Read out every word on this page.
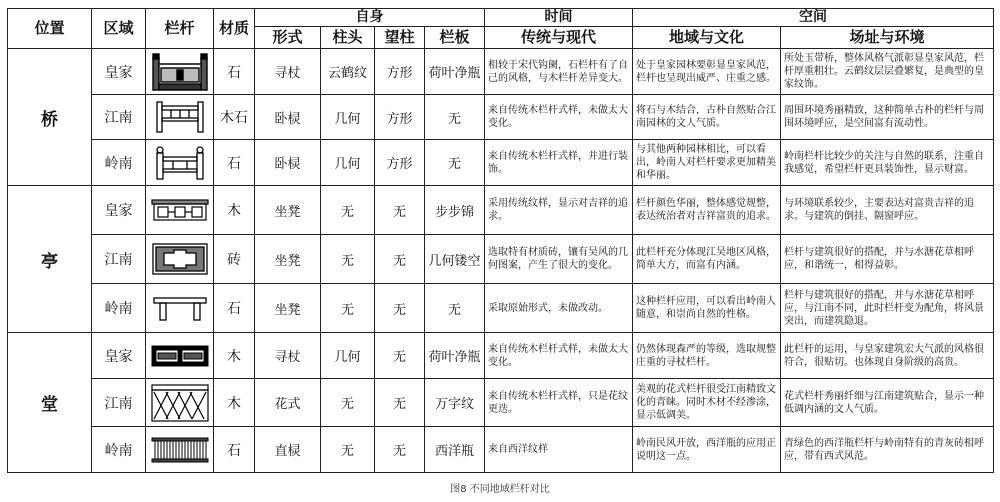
位置	区域	栏杆	材质	自身				时间	空间	
				形式	柱头	望柱	栏板	传统与现代	地域与文化	场址与环境
桥	皇家		石	寻杖	云鹤纹	方形	荷叶净瓶	相较于宋代钩阑，石栏杆有了自己的风格，与木栏杆差异变大。	处于皇家园林要彰显皇家风范，栏杆也呈现出威严、庄重之感。	所处玉带桥，整体风格气派彰显皇家风范，栏杆厚重粗壮。云鹤纹层层叠繁复，是典型的皇家纹饰。
	江南		木石	卧棂	几何	方形	无	来自传统木栏杆式样，未做太大变化。	将石与木结合，古朴自然贴合江南园林的文人气质。	周围环境秀丽精致，这种简单古朴的栏杆与周围环境呼应，是空间富有流动性。
	岭南		石	卧棂	几何	方形	无	来自传统木栏杆式样，并进行装饰。	与其他两种园林相比，可以看出，岭南人对栏杆要求更加精美和华丽。	岭南栏杆比较少的关注与自然的联系，注重自我感觉，希望栏杆更具装饰性，显示财富。
亭	皇家		木	坐凳	无	无	步步锦	采用传统纹样，显示对吉祥的追求。	栏杆颜色华丽，整体感觉规整，表达统治者对吉祥富贵的追求。	与环境联系较少，主要表达对富贵吉祥的追求。与建筑的倒挂、隔窗呼应。
	江南		砖	坐凳	无	无	几何镂空	选取特有材质砖，镶有吴风的几何图案，产生了很大的变化。	此栏杆充分体现江吴地区风格，简单大方，而富有内涵。	栏杆与建筑很好的搭配，并与水溏花草相呼应，和谐统一，相得益彰。
	岭南		石	坐凳	无	无	无	采取原始形式，未做改动。	这种栏杆应用，可以看出岭南人随意，和崇尚自然的性格。	栏杆与建筑很好的搭配，并与水溏花草相呼应，与江南不同，此时栏杆变为配角，将风景突出，而建筑隐退。
堂	皇家		木	寻杖	几何	无	荷叶净瓶	来自传统木栏杆式样，未做太大变化。	仍然体现森严的等级，选取规整庄重的寻杖栏杆。	此栏杆的运用，与皇家建筑宏大气派的风格很符合，很贴切。也体现自身阶级的高贵。
	江南		木	花式	无	无	万字纹	来自传统木栏杆式样，只是花纹更迭。	美观的花式栏杆很受江南精致文化的青睐。同时木材不经渗涂，显示低调美。	花式栏杆秀丽纤细与江南建筑贴合，显示一种低调内涵的文人气质。
	岭南		石	直棂	无	无	西洋瓶	来自西洋纹样	岭南民风开放，西洋瓶的应用正说明这一点。	青绿色的西洋瓶栏杆与岭南特有的青灰砖相呼应，带有西式风范。
图8 不同地域栏杆对比
